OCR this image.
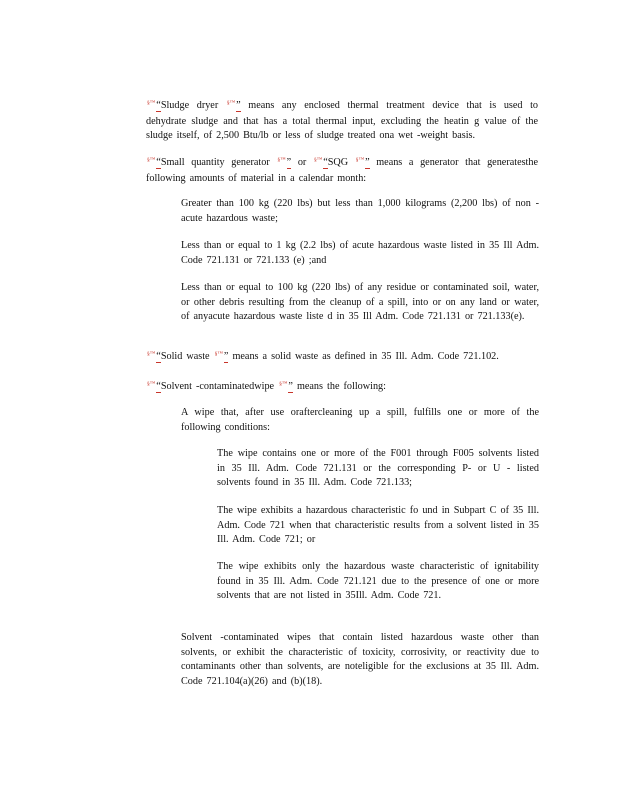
§™“Sludge dryer §™” means any enclosed thermal treatment device that is used to dehydrate sludge and that has a total thermal input, excluding the heatin g value of the sludge itself, of 2,500 Btu/lb or less of sludge treated ona wet -weight basis.
§™“Small quantity generator §™” or §™“SQG §™” means a generator that generatesthe following amounts of material in a calendar month:
Greater than 100 kg (220 lbs) but less than 1,000 kilograms (2,200 lbs) of non -acute hazardous waste;
Less than or equal to 1 kg (2.2 lbs) of acute hazardous waste listed in 35 Ill Adm. Code 721.131 or 721.133 (e) ;and
Less than or equal to 100 kg (220 lbs) of any residue or contaminated soil, water, or other debris resulting from the cleanup of a spill, into or on any land or water, of anyacute hazardous waste liste d in 35 Ill Adm. Code 721.131 or 721.133(e).
§™“Solid waste §™” means a solid waste as defined in 35 Ill. Adm. Code 721.102.
§™“Solvent -contaminatedwipe §™” means the following:
A wipe that, after use oraftercleaning up a spill, fulfills one or more of the following conditions:
The wipe contains one or more of the F001 through F005 solvents listed in 35 Ill. Adm. Code 721.131 or the corresponding P- or U - listed solvents found in 35 Ill. Adm. Code 721.133;
The wipe exhibits a hazardous characteristic fo und in Subpart C of 35 Ill. Adm. Code 721 when that characteristic results from a solvent listed in 35 Ill. Adm. Code 721; or
The wipe exhibits only the hazardous waste characteristic of ignitability found in 35 Ill. Adm. Code 721.121 due to the presence of one or more solvents that are not listed in 35Ill. Adm. Code 721.
Solvent -contaminated wipes that contain listed hazardous waste other than solvents, or exhibit the characteristic of toxicity, corrosivity, or reactivity due to contaminants other than solvents, are noteligible for the exclusions at 35 Ill. Adm. Code 721.104(a)(26) and (b)(18).
